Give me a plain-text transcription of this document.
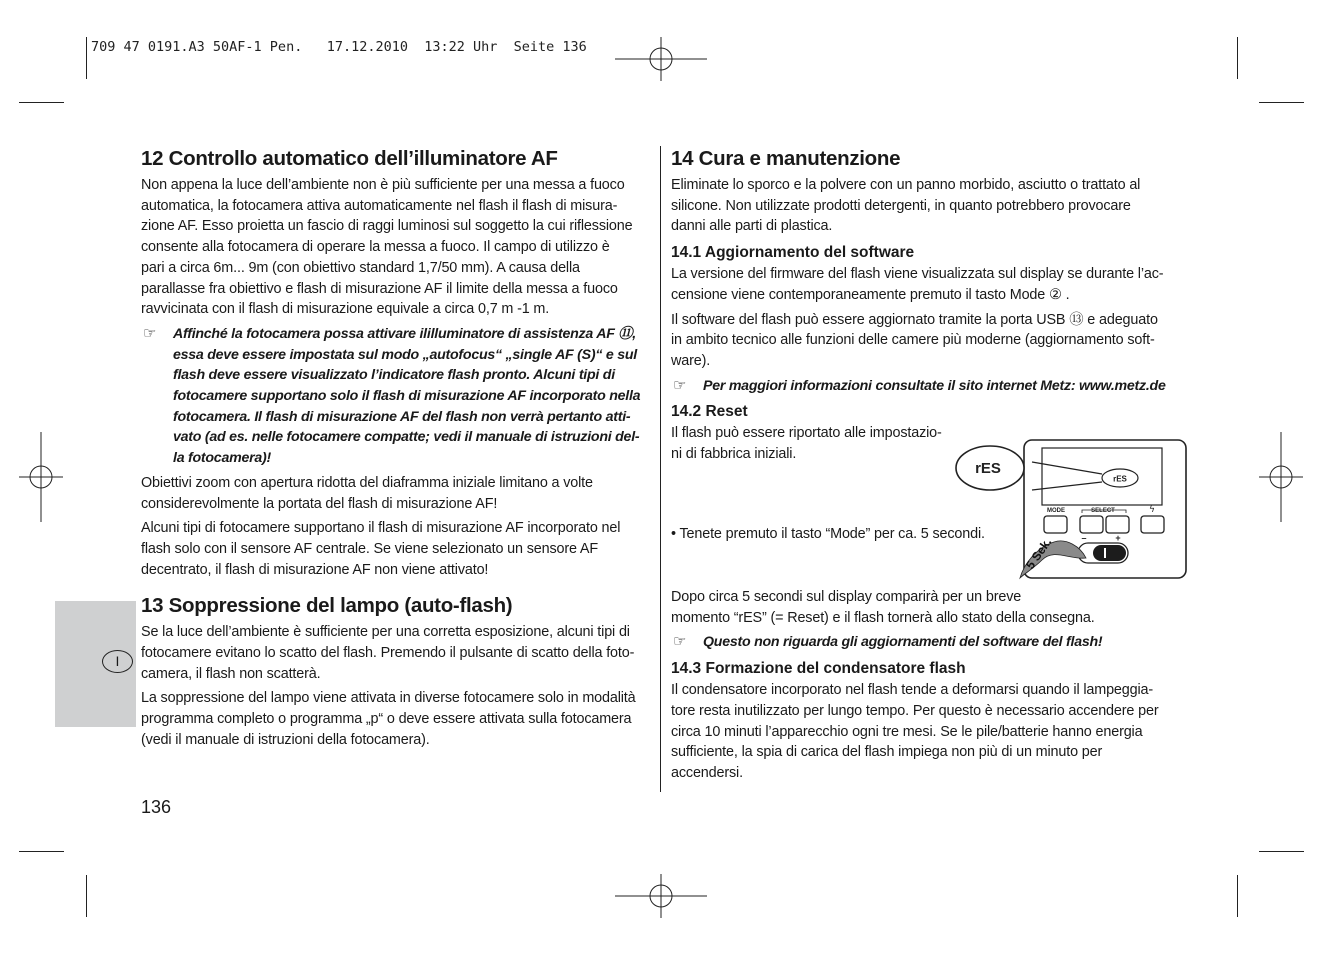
709 47 0191.A3 50AF-1 Pen.   17.12.2010  13:22 Uhr  Seite 136
I
12 Controllo automatico dell’illuminatore AF
Non appena la luce dell’ambiente non è più sufficiente per una messa a fuoco
automatica, la fotocamera attiva automaticamente nel flash il flash di misura-
zione AF. Esso proietta un fascio di raggi luminosi sul soggetto la cui riflessione
consente alla fotocamera di operare la messa a fuoco. Il campo di utilizzo è
pari a circa 6m... 9m (con obiettivo standard 1,7/50 mm). A causa della
parallasse fra obiettivo e flash di misurazione AF il limite della messa a fuoco
ravvicinata con il flash di misurazione equivale a circa 0,7 m -1 m.
☞ Affinché la fotocamera possa attivare ililluminatore di assistenza AF ⑪,
essa deve essere impostata sul modo „autofocus“ „single AF (S)“ e sul
flash deve essere visualizzato l’indicatore flash pronto. Alcuni tipi di
fotocamere supportano solo il flash di misurazione AF incorporato nella
fotocamera. Il flash di misurazione AF del flash non verrà pertanto atti-
vato (ad es. nelle fotocamere compatte; vedi il manuale di istruzioni del-
la fotocamera)!
Obiettivi zoom con apertura ridotta del diaframma iniziale limitano a volte
considerevolmente la portata del flash di misurazione AF!
Alcuni tipi di fotocamere supportano il flash di misurazione AF incorporato nel
flash solo con il sensore AF centrale. Se viene selezionato un sensore AF
decentrato, il flash di misurazione AF non viene attivato!
13 Soppressione del lampo (auto-flash)
Se la luce dell’ambiente è sufficiente per una corretta esposizione, alcuni tipi di
fotocamere evitano lo scatto del flash. Premendo il pulsante di scatto della foto-
camera, il flash non scatterà.
La soppressione del lampo viene attivata in diverse fotocamere solo in modalità
programma completo o programma „p“ o deve essere attivata sulla fotocamera
(vedi il manuale di istruzioni della fotocamera).
136
14 Cura e manutenzione
Eliminate lo sporco e la polvere con un panno morbido, asciutto o trattato al
silicone. Non utilizzate prodotti detergenti, in quanto potrebbero provocare
danni alle parti di plastica.
14.1 Aggiornamento del software
La versione del firmware del flash viene visualizzata sul display se durante l’ac-
censione viene contemporaneamente premuto il tasto Mode ② .
Il software del flash può essere aggiornato tramite la porta USB ⑬ e adeguato
in ambito tecnico alle funzioni delle camere più moderne (aggiornamento soft-
ware).
☞ Per maggiori informazioni consultate il sito internet Metz: www.metz.de
14.2 Reset
Il flash può essere riportato alle impostazio-
ni di fabbrica iniziali.
• Tenete premuto il tasto “Mode” per ca. 5 secondi.
rES
rES
MODE	SELECT	ϟ
–	+
5 Sek.
Dopo circa 5 secondi sul display comparirà per un breve
momento “rES” (= Reset) e il flash tornerà allo stato della consegna.
☞ Questo non riguarda gli aggiornamenti del software del flash!
14.3 Formazione del condensatore flash
Il condensatore incorporato nel flash tende a deformarsi quando il lampeggia-
tore resta inutilizzato per lungo tempo. Per questo è necessario accendere per
circa 10 minuti l’apparecchio ogni tre mesi. Se le pile/batterie hanno energia
sufficiente, la spia di carica del flash impiega non più di un minuto per
accendersi.
